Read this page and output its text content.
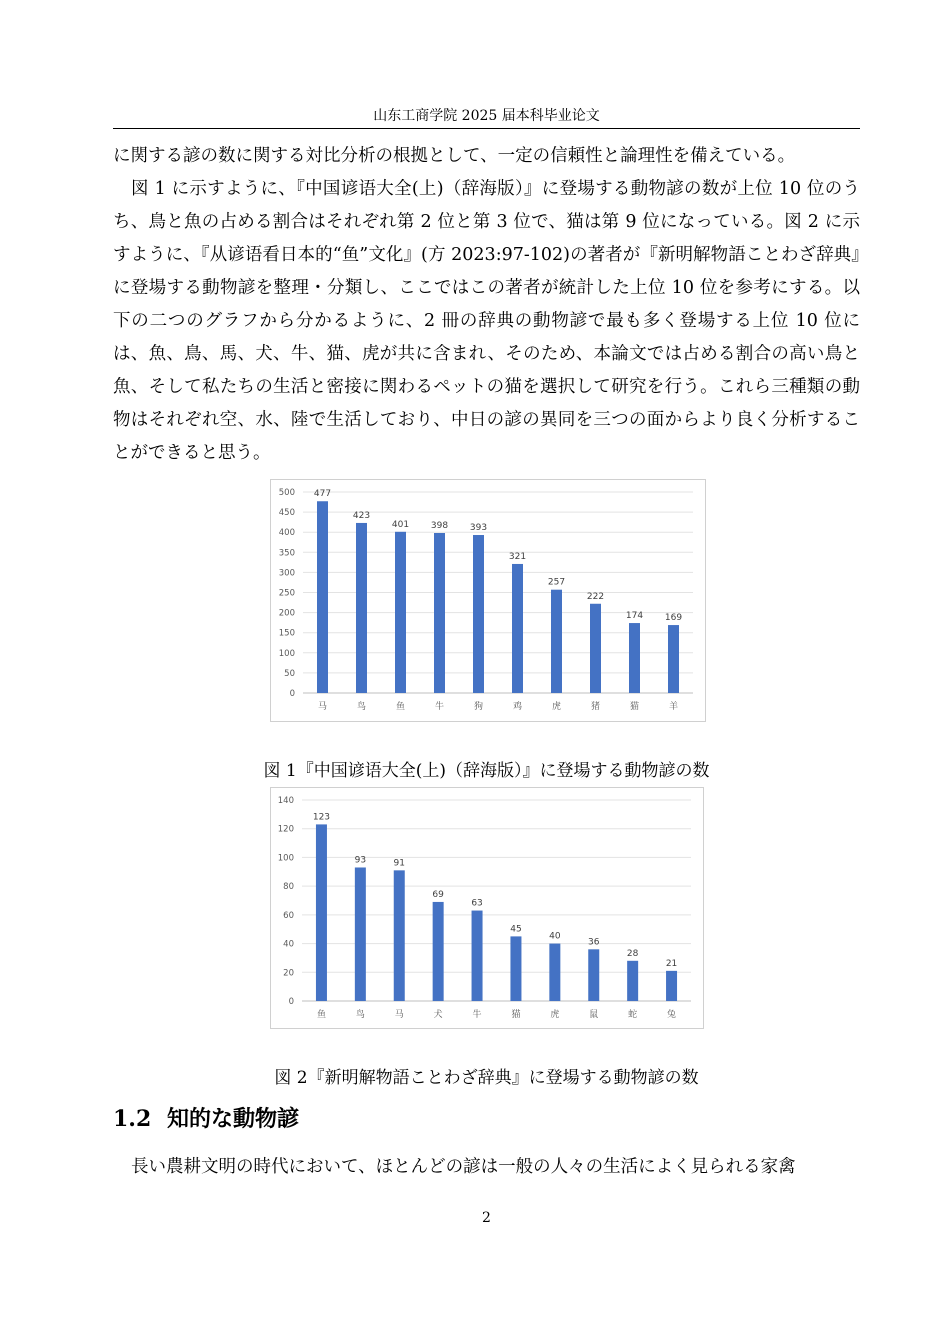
山东工商学院 2025 届本科毕业论文

に関する諺の数に関する対比分析の根拠として、一定の信頼性と論理性を備えている。

図 1 に示すように、『中国谚语大全(上)（辞海版）』に登場する動物諺の数が上位 10 位のうち、鳥と魚の占める割合はそれぞれ第 2 位と第 3 位で、猫は第 9 位になっている。図 2 に示すように、『从谚语看日本的“鱼”文化』(方 2023:97-102)の著者が『新明解物語ことわざ辞典』に登場する動物諺を整理・分類し、ここではこの著者が統計した上位 10 位を参考にする。以下の二つのグラフから分かるように、2 冊の辞典の動物諺で最も多く登場する上位 10 位には、魚、鳥、馬、犬、牛、猫、虎が共に含まれ、そのため、本論文では占める割合の高い鳥と魚、そして私たちの生活と密接に関わるペットの猫を選択して研究を行う。これら三種類の動物はそれぞれ空、水、陸で生活しており、中日の諺の異同を三つの面からより良く分析することができると思う。

0
50
100
150
200
250
300
350
400
450
500 477
马
423
鸟
401
鱼
398
牛
393
狗
321
鸡
257
虎
222
猪
174
猫
169
羊
図 1『中国谚语大全(上)（辞海版）』に登場する動物諺の数
0
20
40
60
80
100
120
140
123
鱼
93
鸟
91
马
69
犬
63
牛
45
猫
40
虎
36
鼠
28
蛇
21
兔
図 2『新明解物語ことわざ辞典』に登場する動物諺の数
1.2 知的な動物諺
長い農耕文明の時代において、ほとんどの諺は一般の人々の生活によく見られる家禽
2
